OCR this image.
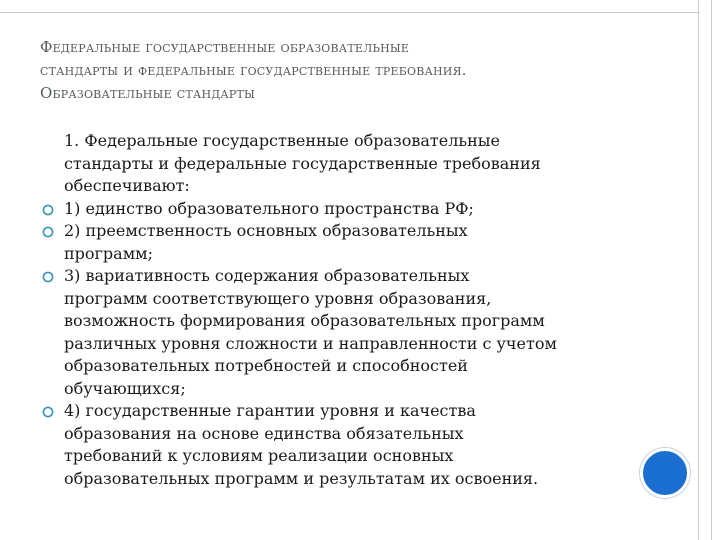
Федеральные государственные образовательные
стандарты и федеральные государственные требования.
Образовательные стандарты

1. Федеральные государственные образовательные
стандарты и федеральные государственные требования
обеспечивают:

1) единство образовательного пространства РФ;

2) преемственность основных образовательных
программ;

3) вариативность содержания образовательных
программ соответствующего уровня образования,
возможность формирования образовательных программ
различных уровня сложности и направленности с учетом
образовательных потребностей и способностей
обучающихся;

4) государственные гарантии уровня и качества
образования на основе единства обязательных
требований к условиям реализации основных
образовательных программ и результатам их освоения.
